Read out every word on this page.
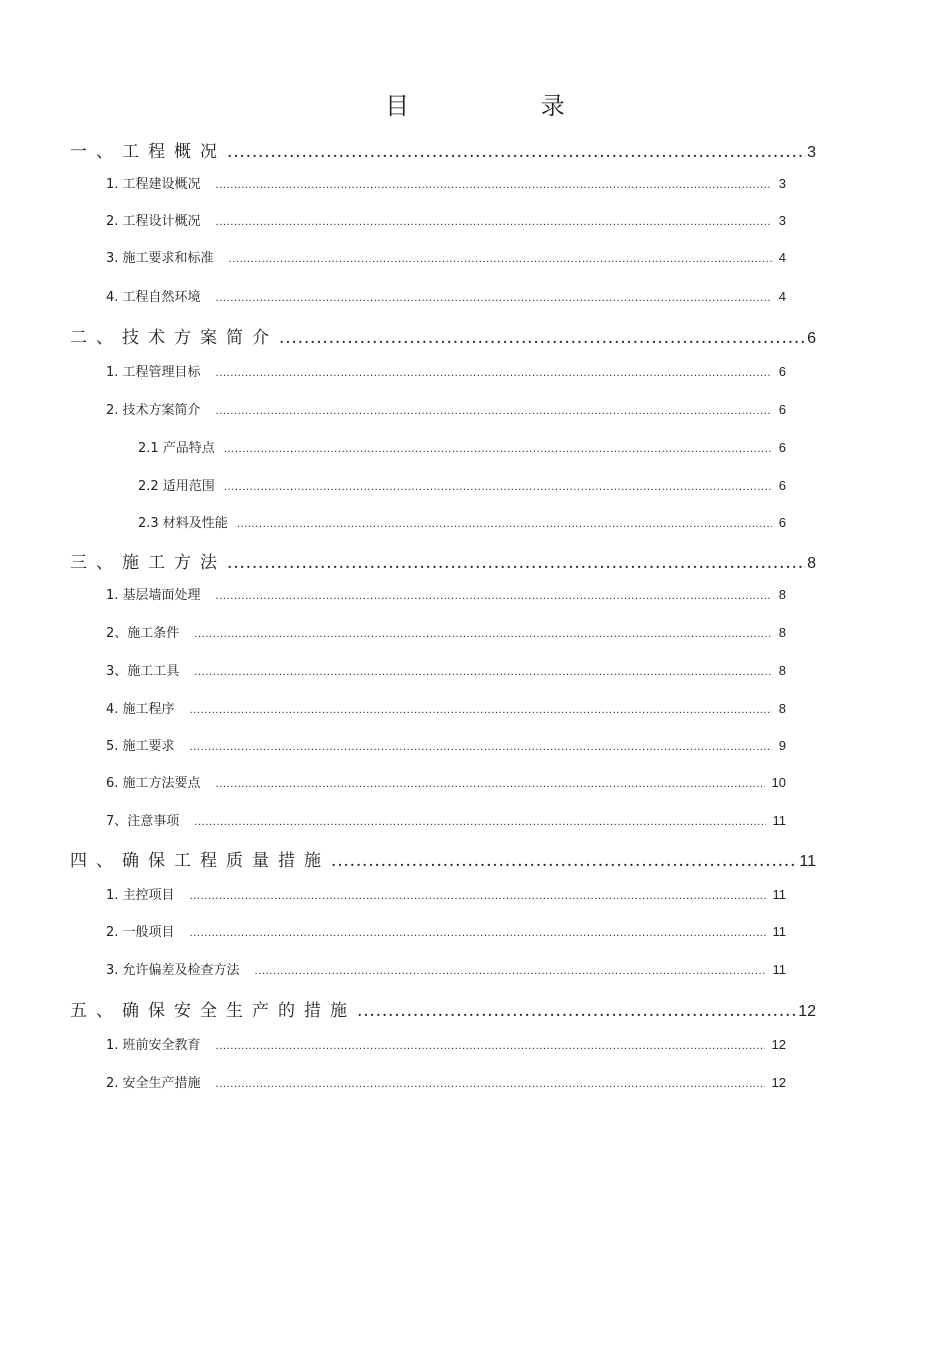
目 录
一、工程概况 .....	3
1. 工程建设概况 .....	3
2. 工程设计概况 .....	3
3. 施工要求和标准 .....	4
4. 工程自然环境 .....	4
二、技术方案简介 .....	6
1. 工程管理目标 .....	6
2. 技术方案简介 .....	6
2.1 产品特点 .....	6
2.2 适用范围 .....	6
2.3 材料及性能 .....	6
三、施工方法 .....	8
1. 基层墙面处理 .....	8
2、施工条件 .....	8
3、施工工具 .....	8
4. 施工程序 .....	8
5. 施工要求 .....	9
6. 施工方法要点 .....	10
7、注意事项 .....	11
四、确保工程质量措施 .....	11
1. 主控项目 .....	11
2. 一般项目 .....	11
3. 允许偏差及检查方法 .....	11
五、确保安全生产的措施 .....	12
1. 班前安全教育 .....	12
2. 安全生产措施 .....	12
